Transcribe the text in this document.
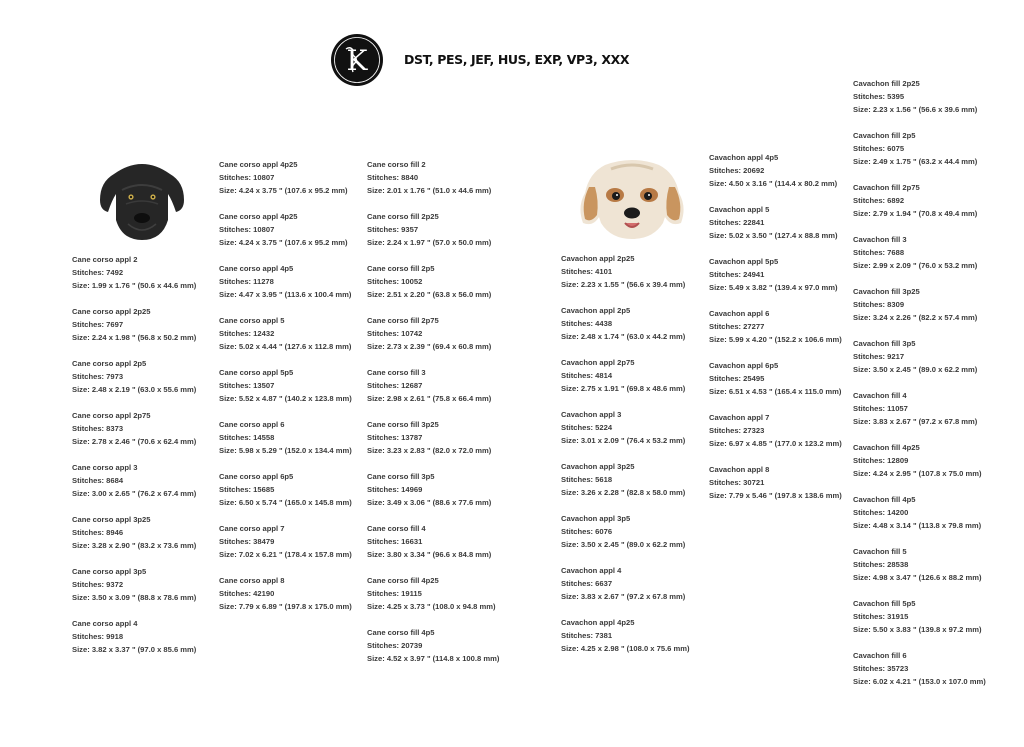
K	DST, PES, JEF, HUS, EXP, VP3, XXX
Cane corso appl 2
Stitches: 7492
Size: 1.99 x 1.76 " (50.6 x 44.6 mm)
Cane corso appl 2p25
Stitches: 7697
Size: 2.24 x 1.98 " (56.8 x 50.2 mm)
Cane corso appl 2p5
Stitches: 7973
Size: 2.48 x 2.19 " (63.0 x 55.6 mm)
Cane corso appl 2p75
Stitches: 8373
Size: 2.78 x 2.46 " (70.6 x 62.4 mm)
Cane corso appl 3
Stitches: 8684
Size: 3.00 x 2.65 " (76.2 x 67.4 mm)
Cane corso appl 3p25
Stitches: 8946
Size: 3.28 x 2.90 " (83.2 x 73.6 mm)
Cane corso appl 3p5
Stitches: 9372
Size: 3.50 x 3.09 " (88.8 x 78.6 mm)
Cane corso appl 4
Stitches: 9918
Size: 3.82 x 3.37 " (97.0 x 85.6 mm)
Cane corso appl 4p25
Stitches: 10807
Size: 4.24 x 3.75 " (107.6 x 95.2 mm)
Cane corso appl 4p25
Stitches: 10807
Size: 4.24 x 3.75 " (107.6 x 95.2 mm)
Cane corso appl 4p5
Stitches: 11278
Size: 4.47 x 3.95 " (113.6 x 100.4 mm)
Cane corso appl 5
Stitches: 12432
Size: 5.02 x 4.44 " (127.6 x 112.8 mm)
Cane corso appl 5p5
Stitches: 13507
Size: 5.52 x 4.87 " (140.2 x 123.8 mm)
Cane corso appl 6
Stitches: 14558
Size: 5.98 x 5.29 " (152.0 x 134.4 mm)
Cane corso appl 6p5
Stitches: 15685
Size: 6.50 x 5.74 " (165.0 x 145.8 mm)
Cane corso appl 7
Stitches: 38479
Size: 7.02 x 6.21 " (178.4 x 157.8 mm)
Cane corso appl 8
Stitches: 42190
Size: 7.79 x 6.89 " (197.8 x 175.0 mm)
Cane corso fill 2
Stitches: 8840
Size: 2.01 x 1.76 " (51.0 x 44.6 mm)
Cane corso fill 2p25
Stitches: 9357
Size: 2.24 x 1.97 " (57.0 x 50.0 mm)
Cane corso fill 2p5
Stitches: 10052
Size: 2.51 x 2.20 " (63.8 x 56.0 mm)
Cane corso fill 2p75
Stitches: 10742
Size: 2.73 x 2.39 " (69.4 x 60.8 mm)
Cane corso fill 3
Stitches: 12687
Size: 2.98 x 2.61 " (75.8 x 66.4 mm)
Cane corso fill 3p25
Stitches: 13787
Size: 3.23 x 2.83 " (82.0 x 72.0 mm)
Cane corso fill 3p5
Stitches: 14969
Size: 3.49 x 3.06 " (88.6 x 77.6 mm)
Cane corso fill 4
Stitches: 16631
Size: 3.80 x 3.34 " (96.6 x 84.8 mm)
Cane corso fill 4p25
Stitches: 19115
Size: 4.25 x 3.73 " (108.0 x 94.8 mm)
Cane corso fill 4p5
Stitches: 20739
Size: 4.52 x 3.97 " (114.8 x 100.8 mm)
Cavachon appl 2p25
Stitches: 4101
Size: 2.23 x 1.55 " (56.6 x 39.4 mm)
Cavachon appl 2p5
Stitches: 4438
Size: 2.48 x 1.74 " (63.0 x 44.2 mm)
Cavachon appl 2p75
Stitches: 4814
Size: 2.75 x 1.91 " (69.8 x 48.6 mm)
Cavachon appl 3
Stitches: 5224
Size: 3.01 x 2.09 " (76.4 x 53.2 mm)
Cavachon appl 3p25
Stitches: 5618
Size: 3.26 x 2.28 " (82.8 x 58.0 mm)
Cavachon appl 3p5
Stitches: 6076
Size: 3.50 x 2.45 " (89.0 x 62.2 mm)
Cavachon appl 4
Stitches: 6637
Size: 3.83 x 2.67 " (97.2 x 67.8 mm)
Cavachon appl 4p25
Stitches: 7381
Size: 4.25 x 2.98 " (108.0 x 75.6 mm)
Cavachon appl 4p5
Stitches: 20692
Size: 4.50 x 3.16 " (114.4 x 80.2 mm)
Cavachon appl 5
Stitches: 22841
Size: 5.02 x 3.50 " (127.4 x 88.8 mm)
Cavachon appl 5p5
Stitches: 24941
Size: 5.49 x 3.82 " (139.4 x 97.0 mm)
Cavachon appl 6
Stitches: 27277
Size: 5.99 x 4.20 " (152.2 x 106.6 mm)
Cavachon appl 6p5
Stitches: 25495
Size: 6.51 x 4.53 " (165.4 x 115.0 mm)
Cavachon appl 7
Stitches: 27323
Size: 6.97 x 4.85 " (177.0 x 123.2 mm)
Cavachon appl 8
Stitches: 30721
Size: 7.79 x 5.46 " (197.8 x 138.6 mm)
Cavachon fill 2p25
Stitches: 5395
Size: 2.23 x 1.56 " (56.6 x 39.6 mm)
Cavachon fill 2p5
Stitches: 6075
Size: 2.49 x 1.75 " (63.2 x 44.4 mm)
Cavachon fill 2p75
Stitches: 6892
Size: 2.79 x 1.94 " (70.8 x 49.4 mm)
Cavachon fill 3
Stitches: 7688
Size: 2.99 x 2.09 " (76.0 x 53.2 mm)
Cavachon fill 3p25
Stitches: 8309
Size: 3.24 x 2.26 " (82.2 x 57.4 mm)
Cavachon fill 3p5
Stitches: 9217
Size: 3.50 x 2.45 " (89.0 x 62.2 mm)
Cavachon fill 4
Stitches: 11057
Size: 3.83 x 2.67 " (97.2 x 67.8 mm)
Cavachon fill 4p25
Stitches: 12809
Size: 4.24 x 2.95 " (107.8 x 75.0 mm)
Cavachon fill 4p5
Stitches: 14200
Size: 4.48 x 3.14 " (113.8 x 79.8 mm)
Cavachon fill 5
Stitches: 28538
Size: 4.98 x 3.47 " (126.6 x 88.2 mm)
Cavachon fill 5p5
Stitches: 31915
Size: 5.50 x 3.83 " (139.8 x 97.2 mm)
Cavachon fill 6
Stitches: 35723
Size: 6.02 x 4.21 " (153.0 x 107.0 mm)
